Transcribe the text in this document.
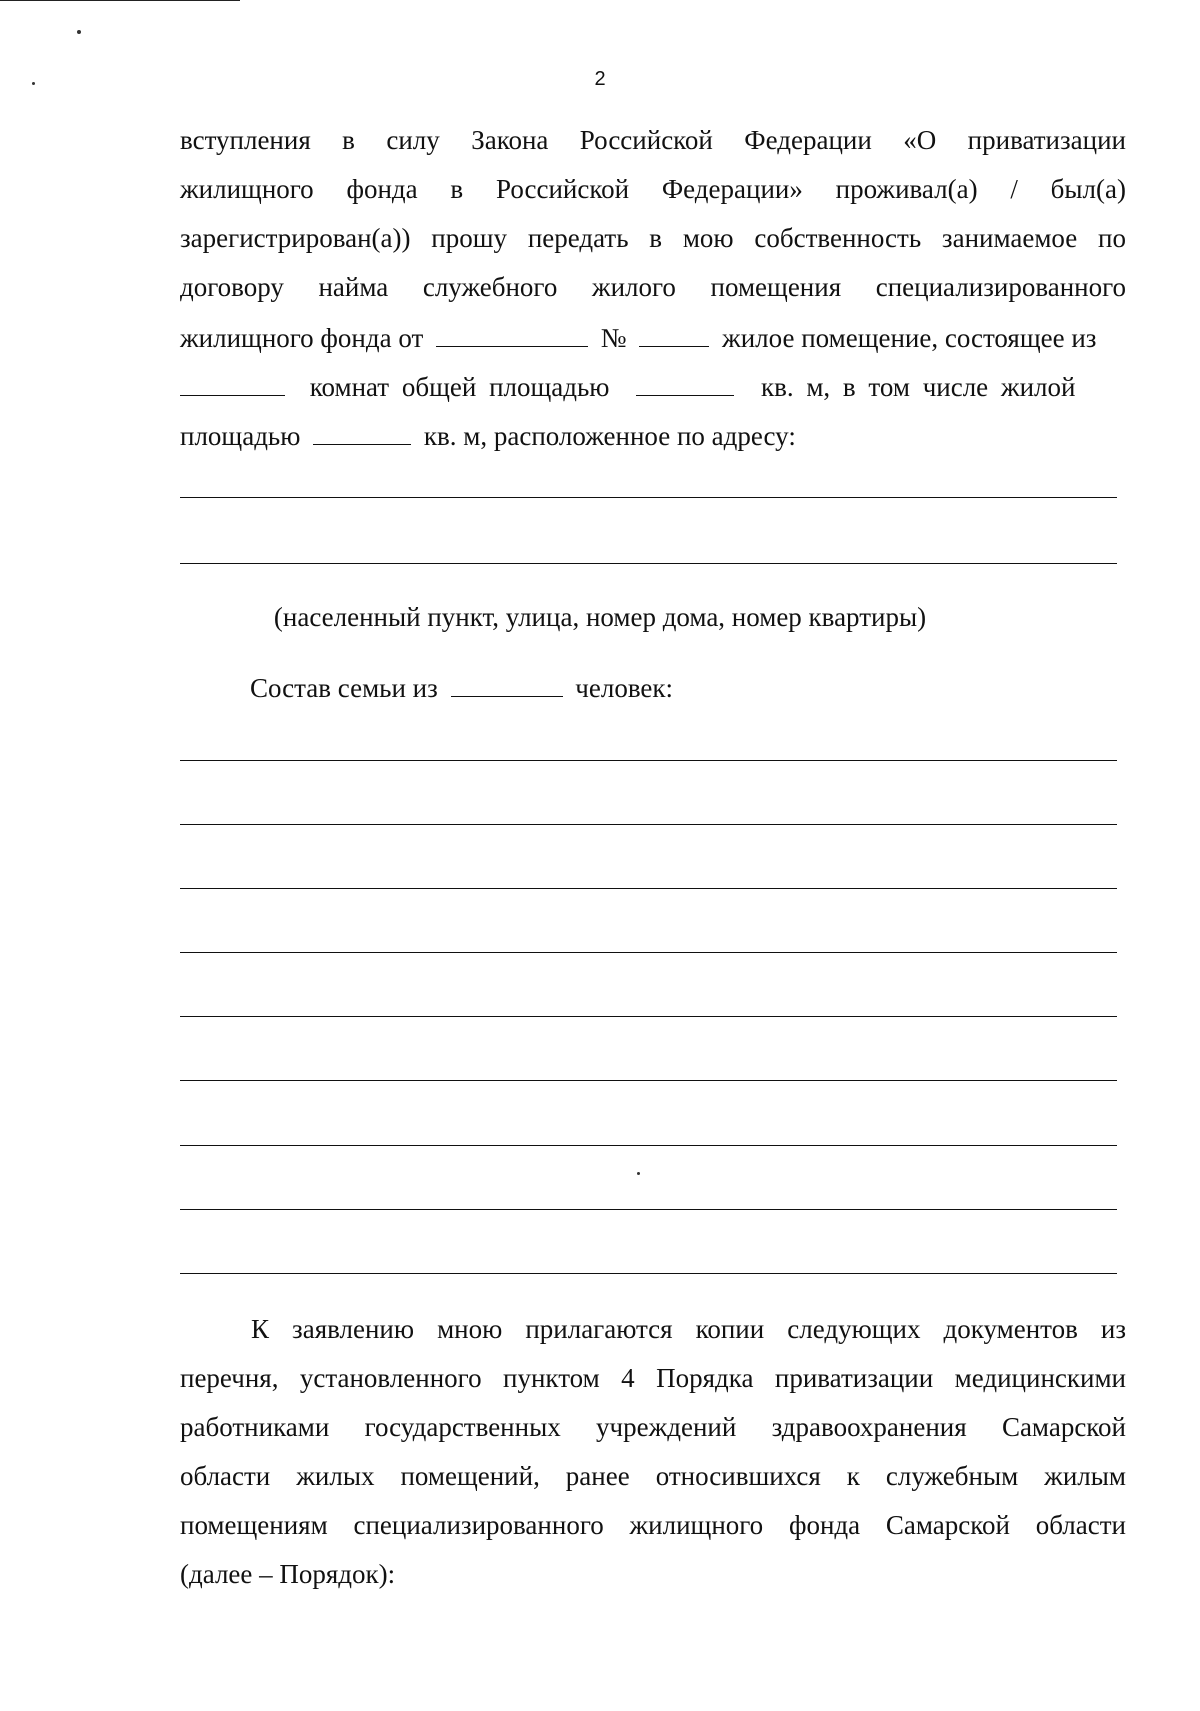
2
вступления в силу Закона Российской Федерации «О приватизации
жилищного фонда в Российской Федерации» проживал(а) / был(а)
зарегистрирован(а)) прошу передать в мою собственность занимаемое по
договору найма служебного жилого помещения специализированного
жилищного фонда от	№	жилое помещение, состоящее из
комнат общей площадью	кв. м, в том числе жилой
площадью	кв. м, расположенное по адресу:
(населенный пункт, улица, номер дома, номер квартиры)
Состав семьи из	человек:
К заявлению мною прилагаются копии следующих документов из
перечня, установленного пунктом 4 Порядка приватизации медицинскими
работниками государственных учреждений здравоохранения Самарской
области жилых помещений, ранее относившихся к служебным жилым
помещениям специализированного жилищного фонда Самарской области
(далее – Порядок):
